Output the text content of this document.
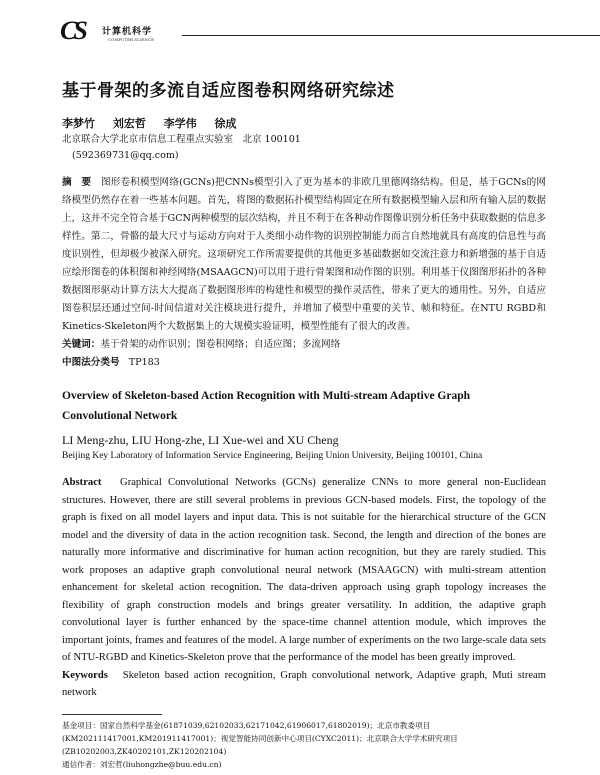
CS 计算机科学
COMPUTER SCIENCE
基于骨架的多流自适应图卷积网络研究综述
李梦竹 刘宏哲 李学伟 徐成
北京联合大学北京市信息工程重点实验室　北京 100101
(592369731@qq.com)
摘　要 图形卷积模型网络(GCNs)把CNNs模型引入了更为基本的非欧几里德网络结构。但是，基于GCNs的网络模型仍然存在着一些基本问题。首先，将图的数据拓扑模型结构固定在所有数据模型输入层和所有输入层的数据上，这并不完全符合基于GCN两种模型的层次结构，并且不利于在各种动作图像识别分析任务中获取数据的信息多样性。第二，骨骼的最大尺寸与运动方向对于人类细小动作物的识别控制能力而言自然地就具有高度的信息性与高度识别性，但却极少被深入研究。这项研究工作所需要提供的其他更多基础数据如交流注意力和新增强的基于自适应绘形图卷的体积图和神经网络(MSAAGCN)可以用于进行骨架图和动作图的识别。利用基于仪图图形拓扑的各种数据图形驱动计算方法大大提高了数据图形库的构建性和模型的操作灵活性，带来了更大的通用性。另外，自适应图卷积层还通过空间-时间信道对关注模块进行提升，并增加了模型中重要的关节、帧和特征。在NTU RGBD和Kinetics-Skeleton两个大数据集上的大规模实验证明，模型性能有了很大的改善。
关键词：基于骨架的动作识别；图卷积网络；自适应图；多流网络
中图法分类号 TP183
Overview of Skeleton-based Action Recognition with Multi-stream Adaptive Graph Convolutional Network
LI Meng-zhu, LIU Hong-zhe, LI Xue-wei and XU Cheng
Beijing Key Laboratory of Information Service Engineering, Beijing Union University, Beijing 100101, China
Abstract Graphical Convolutional Networks (GCNs) generalize CNNs to more general non-Euclidean structures. However, there are still several problems in previous GCN-based models. First, the topology of the graph is fixed on all model layers and input data. This is not suitable for the hierarchical structure of the GCN model and the diversity of data in the action recognition task. Second, the length and direction of the bones are naturally more informative and discriminative for human action recognition, but they are rarely studied. This work proposes an adaptive graph convolutional neural network (MSAAGCN) with multi-stream attention enhancement for skeletal action recognition. The data-driven approach using graph topology increases the flexibility of graph construction models and brings greater versatility. In addition, the adaptive graph convolutional layer is further enhanced by the space-time channel attention module, which improves the important joints, frames and features of the model. A large number of experiments on the two large-scale data sets of NTU-RGBD and Kinetics-Skeleton prove that the performance of the model has been greatly improved.
Keywords Skeleton based action recognition, Graph convolutional network, Adaptive graph, Muti stream network
基金项目：国家自然科学基金(61871039,62102033,62171042,61906017,61802019)；北京市教委项目(KM202111417001,KM201911417001)；视觉智能协同创新中心项目(CYXC2011)；北京联合大学学术研究项目(ZB10202003,ZK40202101,ZK120202104)
通信作者：刘宏哲(liuhongzhe@buu.edu.cn)
